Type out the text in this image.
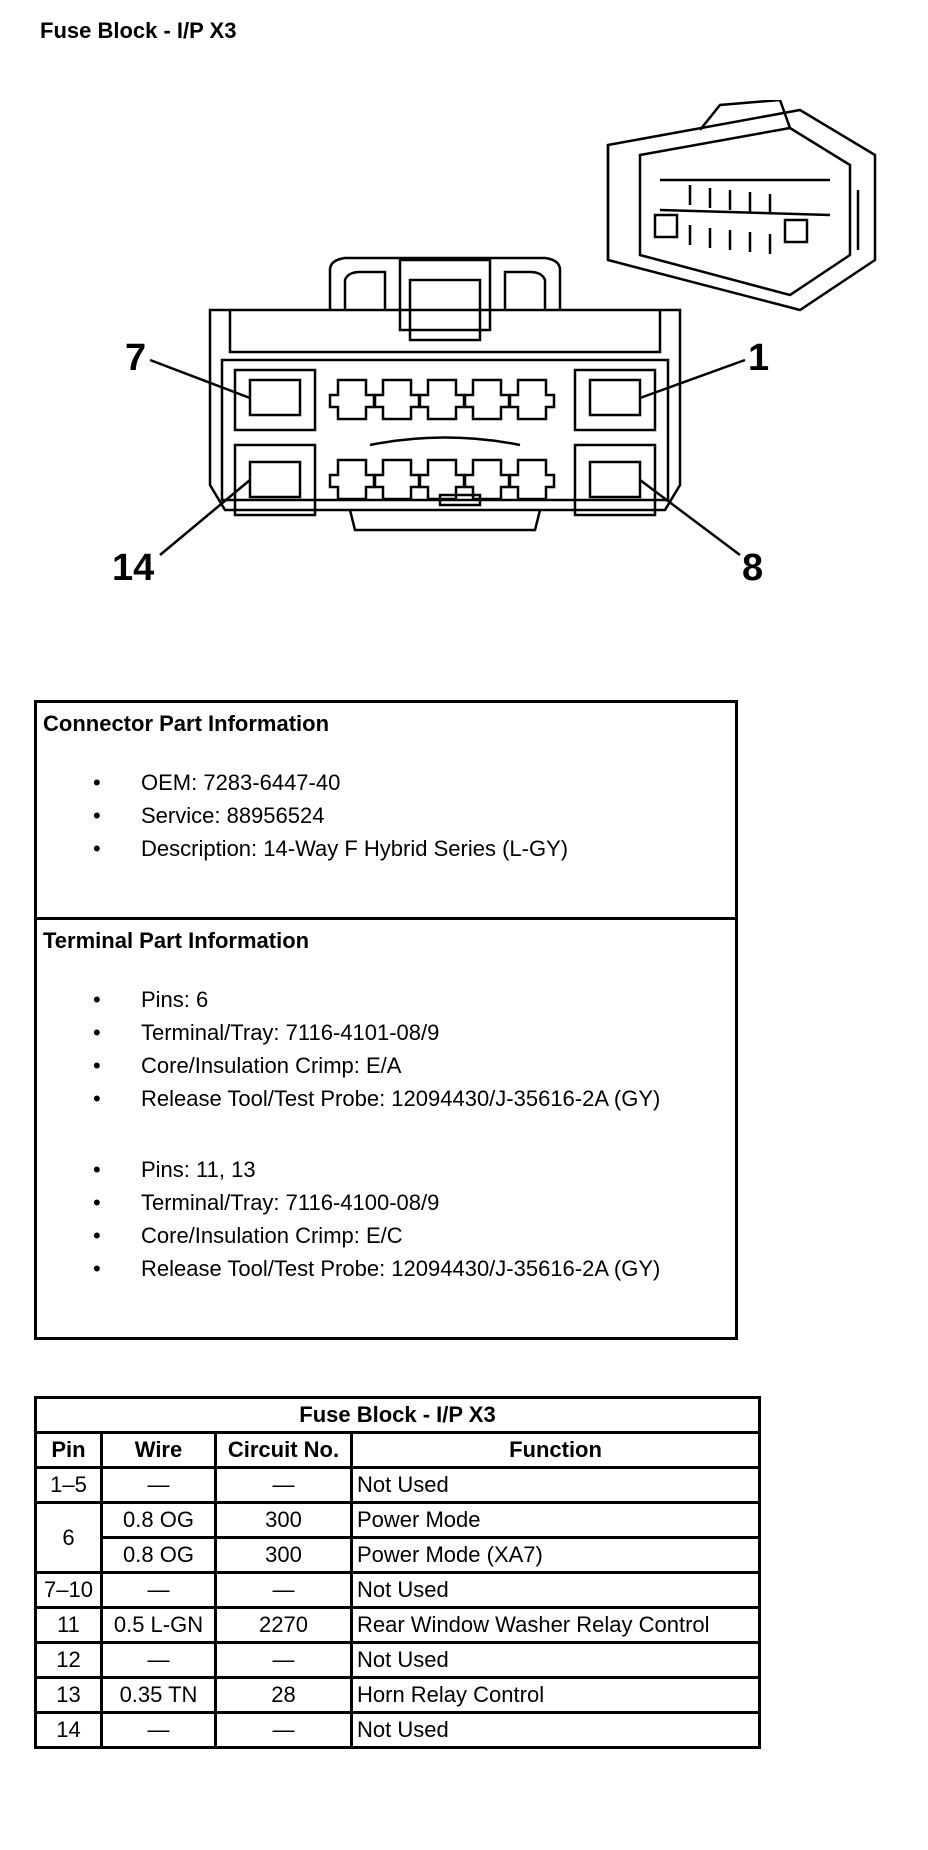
Fuse Block - I/P X3
7	1
14	8
Connector Part Information
• OEM: 7283-6447-40
• Service: 88956524
• Description: 14-Way F Hybrid Series (L-GY)
Terminal Part Information
• Pins: 6
• Terminal/Tray: 7116-4101-08/9
• Core/Insulation Crimp: E/A
• Release Tool/Test Probe: 12094430/J-35616-2A (GY)
• Pins: 11, 13
• Terminal/Tray: 7116-4100-08/9
• Core/Insulation Crimp: E/C
• Release Tool/Test Probe: 12094430/J-35616-2A (GY)
Fuse Block - I/P X3			
Pin	Wire	Circuit No.	Function
1–5	—	—	Not Used
6	0.8 OG	300	Power Mode
	0.8 OG	300	Power Mode (XA7)
7–10	—	—	Not Used
11	0.5 L-GN	2270	Rear Window Washer Relay Control
12	—	—	Not Used
13	0.35 TN	28	Horn Relay Control
14	—	—	Not Used
